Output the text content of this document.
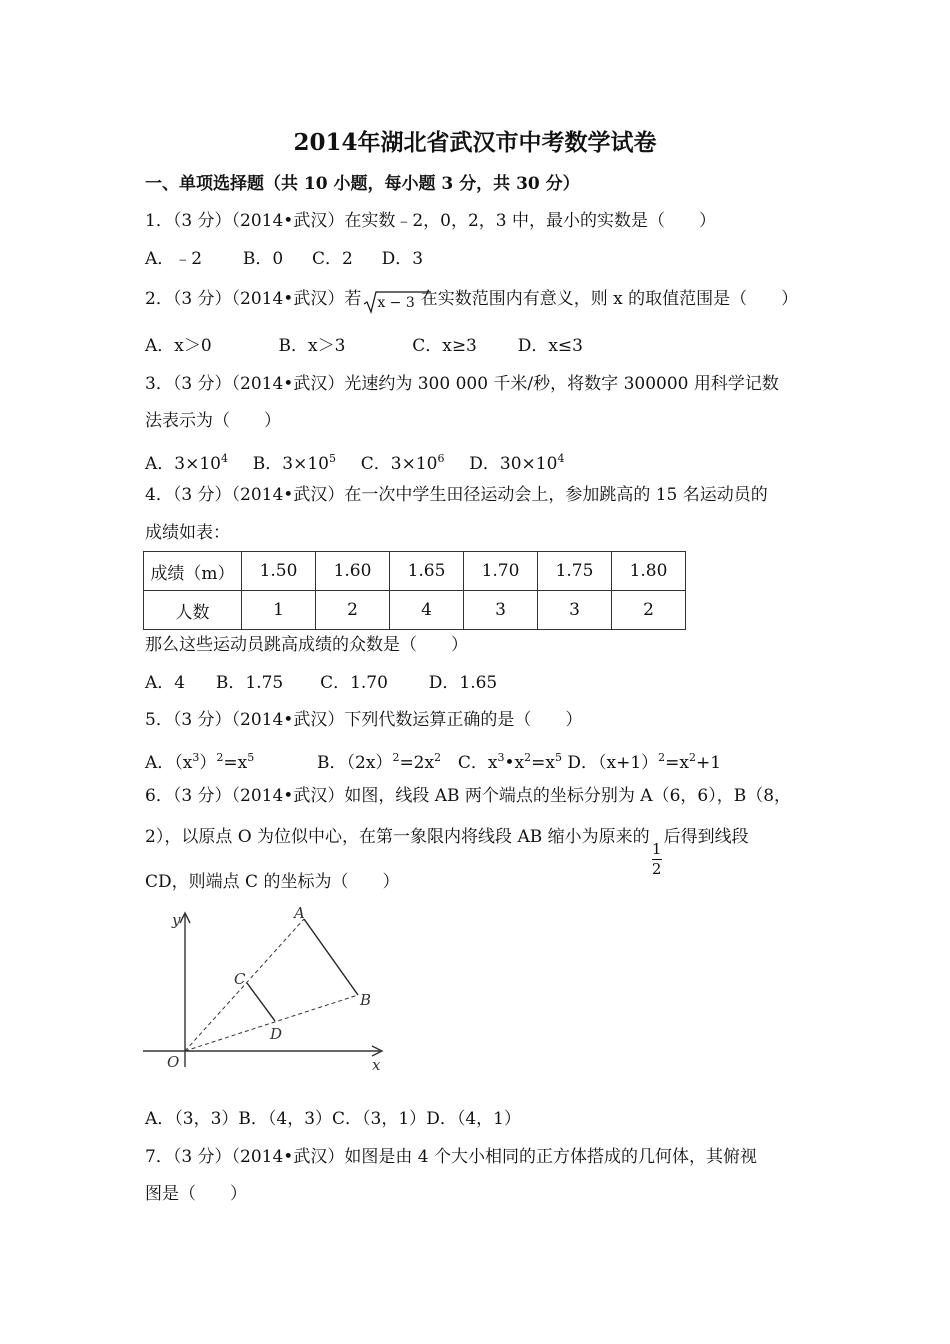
2014年湖北省武汉市中考数学试卷
一、单项选择题（共 10 小题，每小题 3 分，共 30 分）
1．（3 分）（2014•武汉）在实数﹣2，0，2，3 中，最小的实数是（　　）
A．﹣2 B．0 C．2 D．3
2．（3 分）（2014•武汉）若 x − 3 在实数范围内有意义，则 x 的取值范围是（　　）
A．x＞0	B．x＞3	C．x≥3 D．x≤3
3．（3 分）（2014•武汉）光速约为 300 000 千米/秒，将数字 300000 用科学记数
法表示为（　　）
A．$3\times 10^4$ B．$3\times 10^5$ C．$3\times 10^6$ D．$30\times 10^4$
4．（3 分）（2014•武汉）在一次中学生田径运动会上，参加跳高的 15 名运动员的
成绩如表：
成绩（m）	1.50	1.60	1.65	1.70	1.75	1.80
人数	1	2	4	3	3	2
那么这些运动员跳高成绩的众数是（　　）
A．4 B．1.75 C．1.70 D．1.65
5．（3 分）（2014•武汉）下列代数运算正确的是（　　）
A．$(x^3)^2=x^5$	B．$(2x)^2=2x^2$ C．$x^3•x^2=x^5$ D．$(x+1)^2=x^2+1$
6．（3 分）（2014•武汉）如图，线段 AB 两个端点的坐标分别为 A（6，6），B（8，
2），以原点 O 为位似中心，在第一象限内将线段 AB 缩小为原来的
$\frac{1}{2}$
后得到线段
CD，则端点 C 的坐标为（　　）
y
x
O
A
B
C
D
A．（3，3）B．（4，3）C．（3，1）D．（4，1）
7．（3 分）（2014•武汉）如图是由 4 个大小相同的正方体搭成的几何体，其俯视
图是（　　）
